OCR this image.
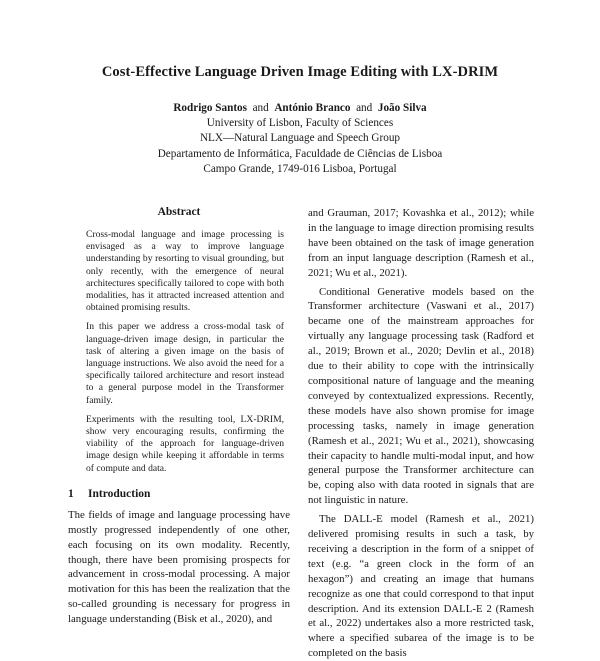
Cost-Effective Language Driven Image Editing with LX-DRIM
Rodrigo Santos and António Branco and João Silva
University of Lisbon, Faculty of Sciences
NLX—Natural Language and Speech Group
Departamento de Informática, Faculdade de Ciências de Lisboa
Campo Grande, 1749-016 Lisboa, Portugal
Abstract

Cross-modal language and image processing is envisaged as a way to improve language understanding by resorting to visual grounding, but only recently, with the emergence of neural architectures specifically tailored to cope with both modalities, has it attracted increased attention and obtained promising results.

In this paper we address a cross-modal task of language-driven image design, in particular the task of altering a given image on the basis of language instructions. We also avoid the need for a specifically tailored architecture and resort instead to a general purpose model in the Transformer family.

Experiments with the resulting tool, LX-DRIM, show very encouraging results, confirming the viability of the approach for language-driven image design while keeping it affordable in terms of compute and data.

1 Introduction

The fields of image and language processing have mostly progressed independently of one other, each focusing on its own modality. Recently, though, there have been promising prospects for advancement in cross-modal processing. A major motivation for this has been the realization that the so-called grounding is necessary for progress in language understanding (Bisk et al., 2020), and

and Grauman, 2017; Kovashka et al., 2012); while in the language to image direction promising results have been obtained on the task of image generation from an input language description (Ramesh et al., 2021; Wu et al., 2021).

Conditional Generative models based on the Transformer architecture (Vaswani et al., 2017) became one of the mainstream approaches for virtually any language processing task (Radford et al., 2019; Brown et al., 2020; Devlin et al., 2018) due to their ability to cope with the intrinsically compositional nature of language and the meaning conveyed by contextualized expressions. Recently, these models have also shown promise for image processing tasks, namely in image generation (Ramesh et al., 2021; Wu et al., 2021), showcasing their capacity to handle multi-modal input, and how general purpose the Transformer architecture can be, coping also with data rooted in signals that are not linguistic in nature.

The DALL-E model (Ramesh et al., 2021) delivered promising results in such a task, by receiving a description in the form of a snippet of text (e.g. “a green clock in the form of an hexagon”) and creating an image that humans recognize as one that could correspond to that input description. And its extension DALL-E 2 (Ramesh et al., 2022) undertakes also a more restricted task, where a specified subarea of the image is to be completed on the basis
